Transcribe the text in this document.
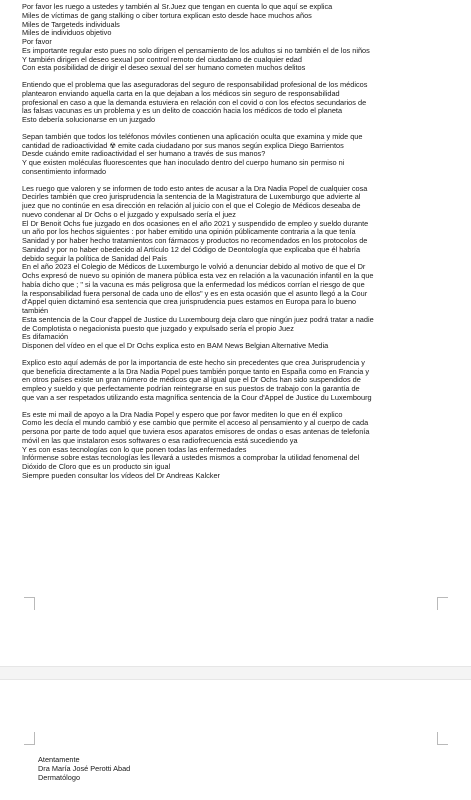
Por favor les ruego a ustedes y también al Sr.Juez que tengan en cuenta lo que aquí se explica
Miles de víctimas de gang stalking o ciber tortura explican esto desde hace muchos años
Miles de Targeteds individuals
Miles de individuos objetivo
Por favor
Es importante regular esto pues no solo dirigen el pensamiento de los adultos si no también el de los niños
Y también dirigen el deseo sexual por control remoto del ciudadano de cualquier edad
Con esta posibilidad de dirigir el deseo sexual del ser humano cometen muchos delitos
Entiendo que el problema que las aseguradoras del seguro de responsabilidad profesional de los médicos
plantearon enviando aquella carta en la que dejaban a los médicos sin seguro de responsabilidad
profesional en caso a que la demanda estuviera en relación con el covid o con los efectos secundarios de
las falsas vacunas es un problema y es un delito de coacción hacia los médicos de todo el planeta
Esto debería solucionarse en un juzgado
Sepan también que todos los teléfonos móviles contienen una aplicación oculta que examina y mide que
cantidad de radioactividad ☢ emite cada ciudadano por sus manos según explica Diego Barrientos
Desde cuándo emite radioactividad el ser humano a través de sus manos?
Y que existen moléculas fluorescentes que han inoculado dentro del cuerpo humano sin permiso ni
consentimiento informado
Les ruego que valoren y se informen de todo esto antes de acusar a la Dra Nadia Popel de cualquier cosa
Decirles también que creo jurisprudencia la sentencia de la Magistratura de Luxemburgo que advierte al
juez que no continúe en esa dirección en relación al juicio con el que el Colegio de Médicos deseaba de
nuevo condenar al Dr Ochs o el juzgado y expulsado sería el juez
El Dr Benoit Ochs fue juzgado en dos ocasiones en el año 2021 y suspendido de empleo y sueldo durante
un año por los hechos siguientes : por haber emitido una opinión públicamente contraria a la que tenía
Sanidad y por haber hecho tratamientos con fármacos y productos no recomendados en los protocolos de
Sanidad y por no haber obedecido al Artículo 12 del Código de Deontología que explicaba que él habría
debido seguir la política de Sanidad del País
En el año 2023 el Colegio de Médicos de Luxemburgo le volvió a denunciar debido al motivo de que el Dr
Ochs expresó de nuevo su opinión de manera pública esta vez en relación a la vacunación infantil en la que
había dicho que ; " si la vacuna es más peligrosa que la enfermedad los médicos corrían el riesgo de que
la responsabilidad fuera personal de cada uno de ellos" y es en esta ocasión que el asunto llegó a la Cour
d'Appel quien dictaminó esa sentencia que crea jurisprudencia pues estamos en Europa para lo bueno
también
Esta sentencia de la Cour d'appel de Justice du Luxembourg deja claro que ningún juez podrá tratar a nadie
de Complotista o negacionista puesto que juzgado y expulsado sería el propio Juez
Es difamación
Disponen del vídeo en el que el Dr Ochs explica esto en BAM News Belgian Alternative Media
Explico esto aquí además de por la importancia de este hecho sin precedentes que crea Jurisprudencia y
que beneficia directamente a la Dra Nadia Popel pues también porque tanto en España como en Francia y
en otros países existe un gran número de médicos que al igual que el Dr Ochs han sido suspendidos de
empleo y sueldo y que perfectamente podrían reintegrarse en sus puestos de trabajo con la garantía de
que van a ser respetados utilizando esta magnífica sentencia de la Cour d'Appel de Justice du Luxembourg
Es este mi mail de apoyo a la Dra Nadia Popel y espero que por favor mediten lo que en él explico
Como les decía el mundo cambió y ese cambio que permite el acceso al pensamiento y al cuerpo de cada
persona por parte de todo aquel que tuviera esos aparatos emisores de ondas o esas antenas de telefonía
móvil en las que instalaron esos softwares o esa radiofrecuencia está sucediendo ya
Y es con esas tecnologías con lo que ponen todas las enfermedades
Infórmense sobre estas tecnologías les llevará a ustedes mismos a comprobar la utilidad fenomenal del
Dióxido de Cloro que es un producto sin igual
Siempre pueden consultar los vídeos del Dr Andreas Kalcker
Atentamente
Dra María José Perotti Abad
Dermatólogo
